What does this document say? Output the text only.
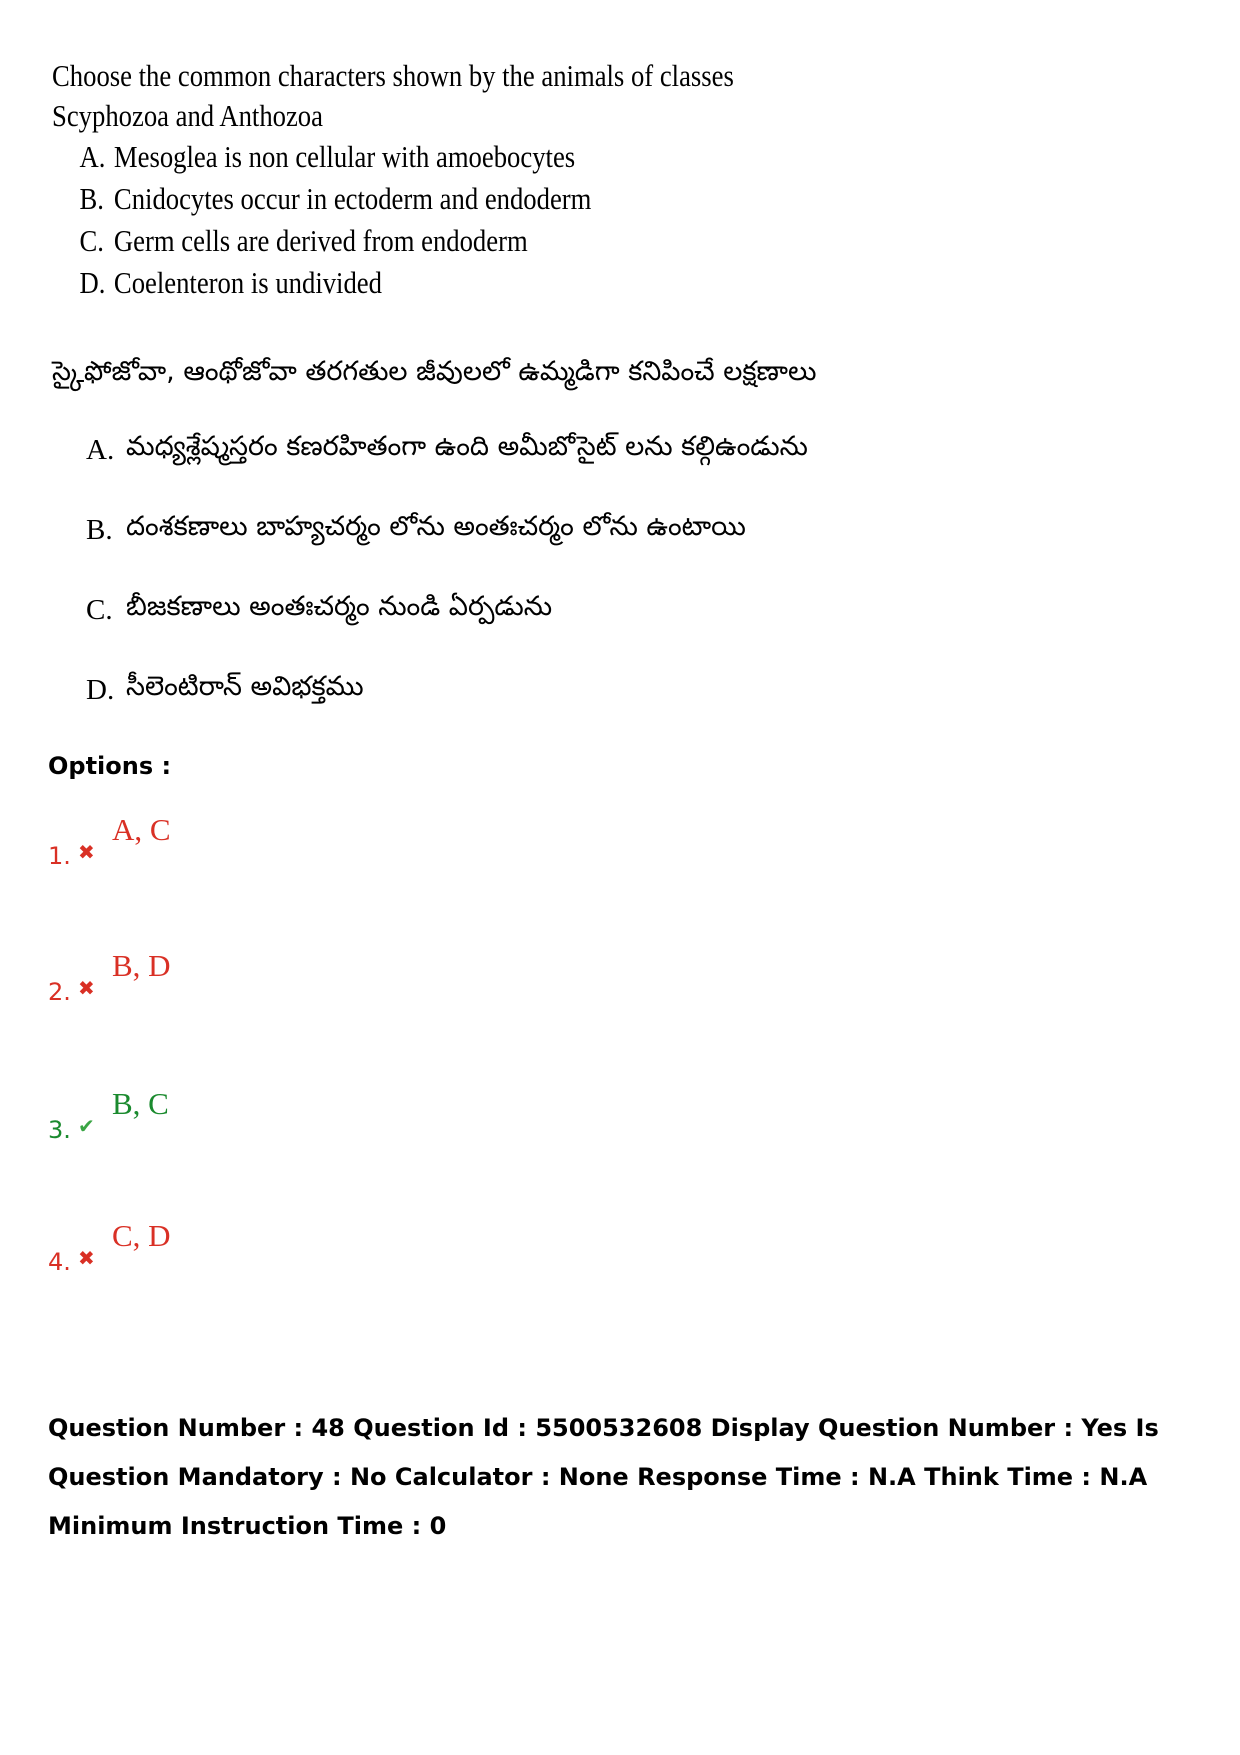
Choose the common characters shown by the animals of classes Scyphozoa and Anthozoa
A. Mesoglea is non cellular with amoebocytes
B. Cnidocytes occur in ectoderm and endoderm
C. Germ cells are derived from endoderm
D. Coelenteron is undivided
స్కైఫోజోవా, ఆంథోజోవా తరగతుల జీవులలో ఉమ్మడిగా కనిపించే లక్షణాలు
A. మధ్యశ్లేష్మస్తరం కణరహితంగా ఉంది అమీబోసైట్ లను కల్గిఉండును
B. దంశకణాలు బాహ్యచర్మం లోను అంతఃచర్మం లోను ఉంటాయి
C. బీజకణాలు అంతఃచర్మం నుండి ఏర్పడును
D. సీలెంటిరాన్ అవిభక్తము
Options :
1. ✖
A, C
2. ✖
B, D
3. ✔
B, C
4. ✖
C, D
Question Number : 48 Question Id : 5500532608 Display Question Number : Yes Is Question Mandatory : No Calculator : None Response Time : N.A Think Time : N.A Minimum Instruction Time : 0
